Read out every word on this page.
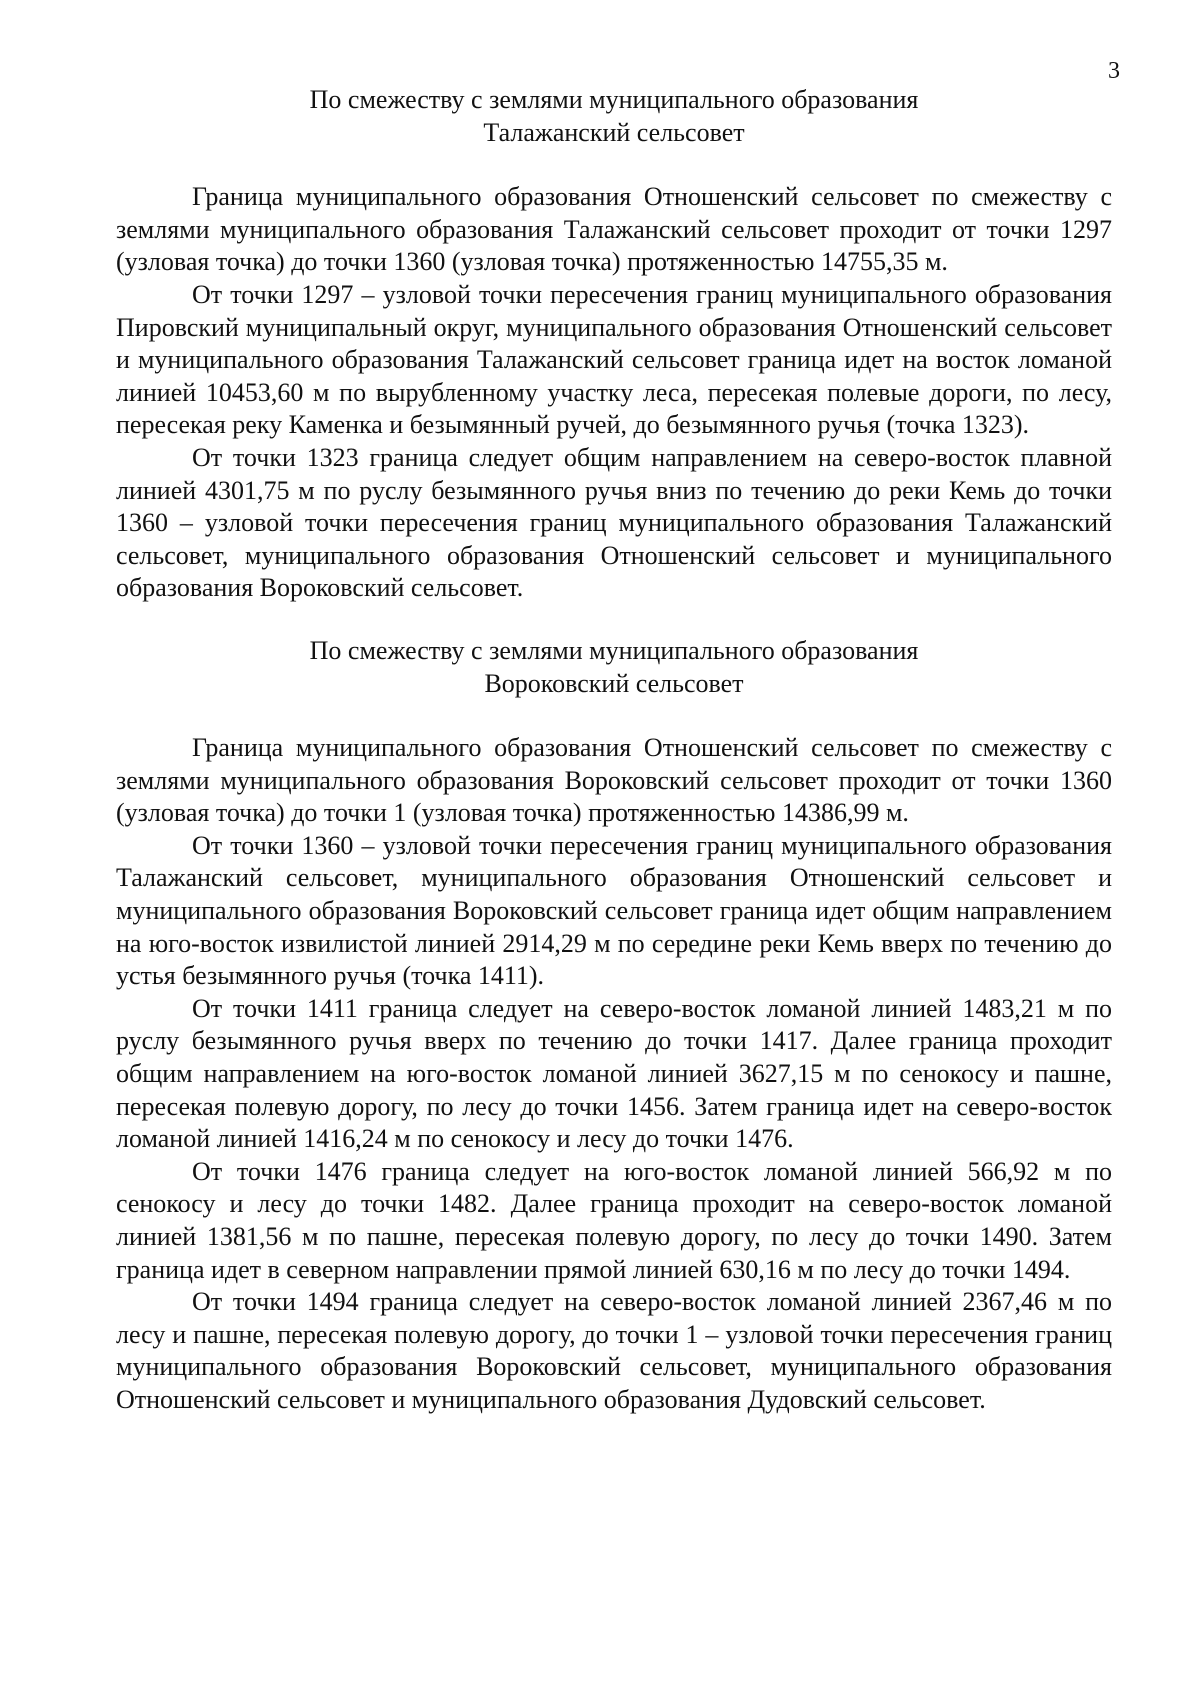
3
По смежеству с землями муниципального образования
Талажанский сельсовет

Граница муниципального образования Отношенский сельсовет по смежеству с землями муниципального образования Талажанский сельсовет проходит от точки 1297 (узловая точка) до точки 1360 (узловая точка) протяженностью 14755,35 м.

От точки 1297 – узловой точки пересечения границ муниципального образования Пировский муниципальный округ, муниципального образования Отношенский сельсовет и муниципального образования Талажанский сельсовет граница идет на восток ломаной линией 10453,60 м по вырубленному участку леса, пересекая полевые дороги, по лесу, пересекая реку Каменка и безымянный ручей, до безымянного ручья (точка 1323).

От точки 1323 граница следует общим направлением на северо-восток плавной линией 4301,75 м по руслу безымянного ручья вниз по течению до реки Кемь до точки 1360 – узловой точки пересечения границ муниципального образования Талажанский сельсовет, муниципального образования Отношенский сельсовет и муниципального образования Вороковский сельсовет.

По смежеству с землями муниципального образования
Вороковский сельсовет

Граница муниципального образования Отношенский сельсовет по смежеству с землями муниципального образования Вороковский сельсовет проходит от точки 1360 (узловая точка) до точки 1 (узловая точка) протяженностью 14386,99 м.

От точки 1360 – узловой точки пересечения границ муниципального образования Талажанский сельсовет, муниципального образования Отношенский сельсовет и муниципального образования Вороковский сельсовет граница идет общим направлением на юго-восток извилистой линией 2914,29 м по середине реки Кемь вверх по течению до устья безымянного ручья (точка 1411).

От точки 1411 граница следует на северо-восток ломаной линией 1483,21 м по руслу безымянного ручья вверх по течению до точки 1417. Далее граница проходит общим направлением на юго-восток ломаной линией 3627,15 м по сенокосу и пашне, пересекая полевую дорогу, по лесу до точки 1456. Затем граница идет на северо-восток ломаной линией 1416,24 м по сенокосу и лесу до точки 1476.

От точки 1476 граница следует на юго-восток ломаной линией 566,92 м по сенокосу и лесу до точки 1482. Далее граница проходит на северо-восток ломаной линией 1381,56 м по пашне, пересекая полевую дорогу, по лесу до точки 1490. Затем граница идет в северном направлении прямой линией 630,16 м по лесу до точки 1494.

От точки 1494 граница следует на северо-восток ломаной линией 2367,46 м по лесу и пашне, пересекая полевую дорогу, до точки 1 – узловой точки пересечения границ муниципального образования Вороковский сельсовет, муниципального образования Отношенский сельсовет и муниципального образования Дудовский сельсовет.
